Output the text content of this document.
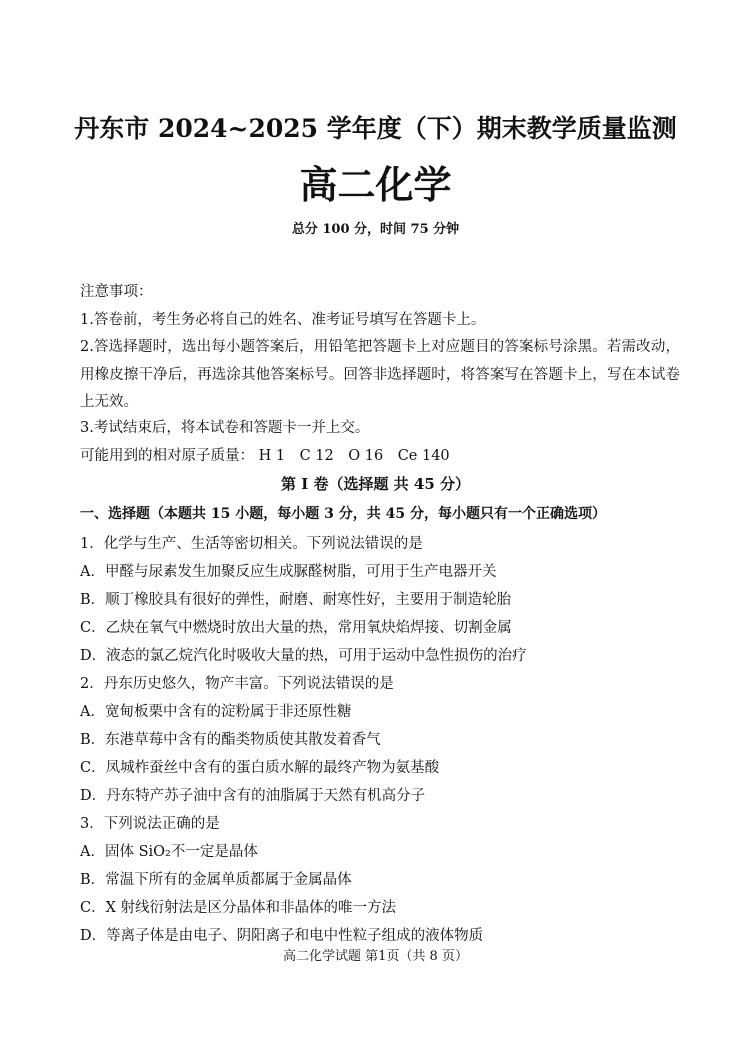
丹东市 2024~2025 学年度（下）期末教学质量监测
高二化学
总分 100 分，时间 75 分钟
注意事项：
1.答卷前，考生务必将自己的姓名、准考证号填写在答题卡上。
2.答选择题时，选出每小题答案后，用铅笔把答题卡上对应题目的答案标号涂黑。若需改动，用橡皮擦干净后，再选涂其他答案标号。回答非选择题时，将答案写在答题卡上，写在本试卷上无效。
3.考试结束后，将本试卷和答题卡一并上交。
可能用到的相对原子质量： H 1　C 12　O 16　Ce 140
第 Ⅰ 卷（选择题 共 45 分）
一、选择题（本题共 15 小题，每小题 3 分，共 45 分，每小题只有一个正确选项）
1．化学与生产、生活等密切相关。下列说法错误的是
A．甲醛与尿素发生加聚反应生成脲醛树脂，可用于生产电器开关
B．顺丁橡胶具有很好的弹性，耐磨、耐寒性好，主要用于制造轮胎
C．乙炔在氧气中燃烧时放出大量的热，常用氧炔焰焊接、切割金属
D．液态的氯乙烷汽化时吸收大量的热，可用于运动中急性损伤的治疗
2．丹东历史悠久，物产丰富。下列说法错误的是
A．宽甸板栗中含有的淀粉属于非还原性糖
B．东港草莓中含有的酯类物质使其散发着香气
C．凤城柞蚕丝中含有的蛋白质水解的最终产物为氨基酸
D．丹东特产苏子油中含有的油脂属于天然有机高分子
3．下列说法正确的是
A．固体 SiO₂不一定是晶体
B．常温下所有的金属单质都属于金属晶体
C．X 射线衍射法是区分晶体和非晶体的唯一方法
D．等离子体是由电子、阴阳离子和电中性粒子组成的液体物质
高二化学试题 第1页（共 8 页）
